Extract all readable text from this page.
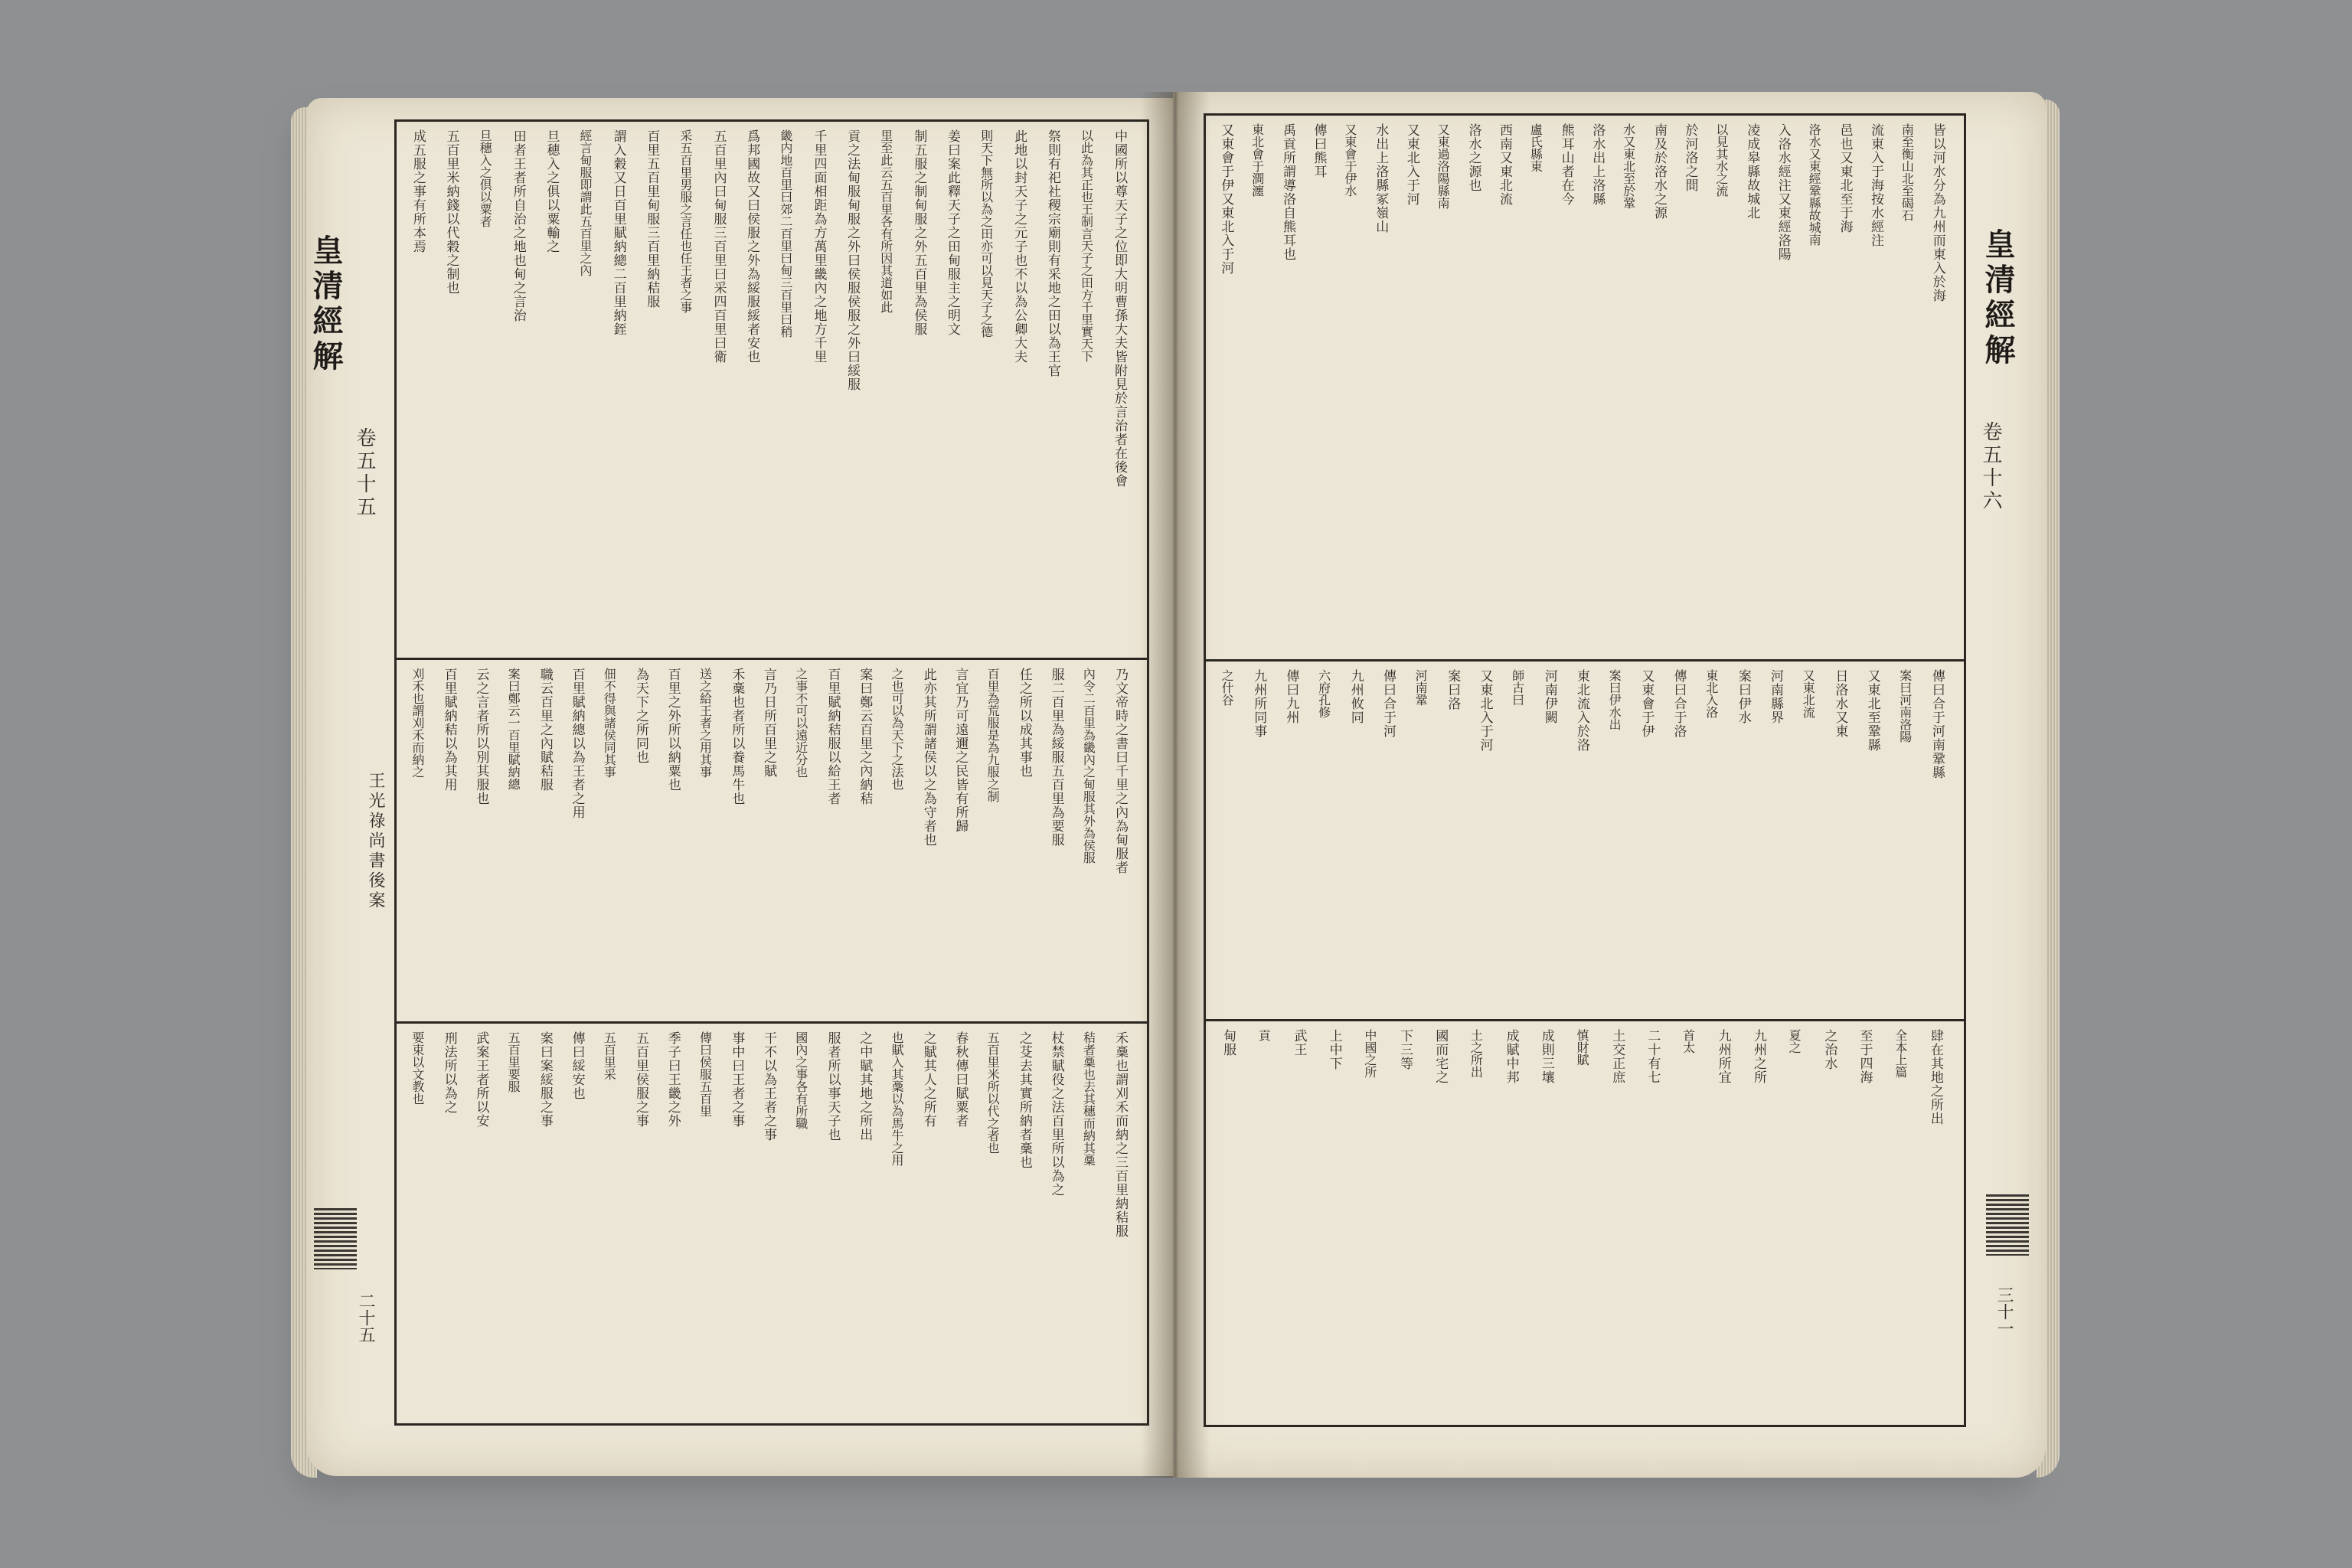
中國所以尊天子之位即大明曹孫大夫皆附見於言治者在後會
以此為其正也王制言天子之田方千里實天下
祭則有祀社稷宗廟則有采地之田以為王官
此地以封天子之元子也不以為公卿大夫
則天下無所以為之田亦可以見天子之德
姜曰案此釋天子之田甸服主之明文
制五服之制甸服之外五百里為侯服
里至此云五百里各有所因其道如此
貢之法甸服甸服之外曰侯服侯服之外曰綏服
千里四面相距為方萬里畿內之地方千里
畿内地百里曰郊二百里曰甸三百里曰稍
爲邦國故又曰侯服之外為綏服綏者安也
五百里內曰甸服三百里曰采四百里曰衛
采五百里男服之言任也任王者之事
百里五百里甸服三百里納秸服
謂入穀又日百里賦納總二百里納銍
經言甸服即謂此五百里之內
旦穂入之俱以粟輸之
田者王者所自治之地也甸之言治
旦穗入之倶以粟者
五百里米納錢以代穀之制也
成五服之事有所本焉
乃文帝時之書曰千里之內為甸服者
內令二百里為畿內之甸服其外為侯服
服二百里為綏服五百里為要服
任之所以成其事也
百里為荒服是為九服之制
言宜乃可遠邇之民皆有所歸
此亦其所謂諸侯以之為守者也
之也可以為天下之法也
案曰鄭云百里之內納秸
百里賦納秸服以給王者
之事不可以遠近分也
言乃日所百里之賦
禾稾也者所以養馬牛也
送之給王者之用其事
百里之外所以納粟也
為天下之所同也
佃不得與諸侯同其事
百里賦納總以為王者之用
職云百里之內賦秸服
案曰鄭云一百里賦納總
云之言者所以別其服也
百里賦納秸以為其用
刈禾也謂刈禾而納之
禾稾也謂刈禾而納之三百里納秸服
秸者稾也去其穗而納其稾
杖禁賦役之法百里所以為之
之芟去其實所納者稾也
五百里米所以代之者也
春秋傳曰賦粟者
之賦其人之所有
也賦入其稾以為馬牛之用
之中賦其地之所出
服者所以事天子也
國內之事各有所職
干不以為王者之事
事中曰王者之事
傳曰侯服五百里
季子曰王畿之外
五百里侯服之事
五百里采
傳曰綏安也
案曰案綏服之事
五百里要服
武案王者所以安
刑法所以為之
要束以文教也
皇清經解
卷五十五
二十五
王光祿尚書後案
皆以河水分為九州而東入於海
南至衡山北至碣石
流東入于海按水經注
邑也又東北至于海
洛水又東經鞏縣故城南
入洛水經注又東經洛陽
凌成皋縣故城北
以見其水之流
於河洛之間
南及於洛水之源
水又東北至於鞏
洛水出上洛縣
熊耳山者在今
盧氏縣東
西南又東北流
洛水之源也
又東過洛陽縣南
又東北入于河
水出上洛縣冢嶺山
又東會于伊水
傳曰熊耳
禹貢所謂導洛自熊耳也
東北會于澗瀍
又東會于伊又東北入于河
傳曰合于河南鞏縣
案曰河南洛陽
又東北至鞏縣
日洛水又東
又東北流
河南縣界
案曰伊水
東北入洛
傳曰合于洛
又東會于伊
案曰伊水出
東北流入於洛
河南伊闕
師古曰
又東北入于河
案曰洛
河南鞏
傳曰合于河
九州攸同
六府孔修
傳曰九州
九州所同事
之什谷
肆在其地之所出
全本上篇
至于四海
之治水
夏之
九州之所
九州所宜
首太
二十有七
土交正庶
慎財賦
成則三壤
成賦中邦
土之所出
國而宅之
下三等
中國之所
上中下
武王
貢
甸服
皇清經解
卷五十六
三十一
